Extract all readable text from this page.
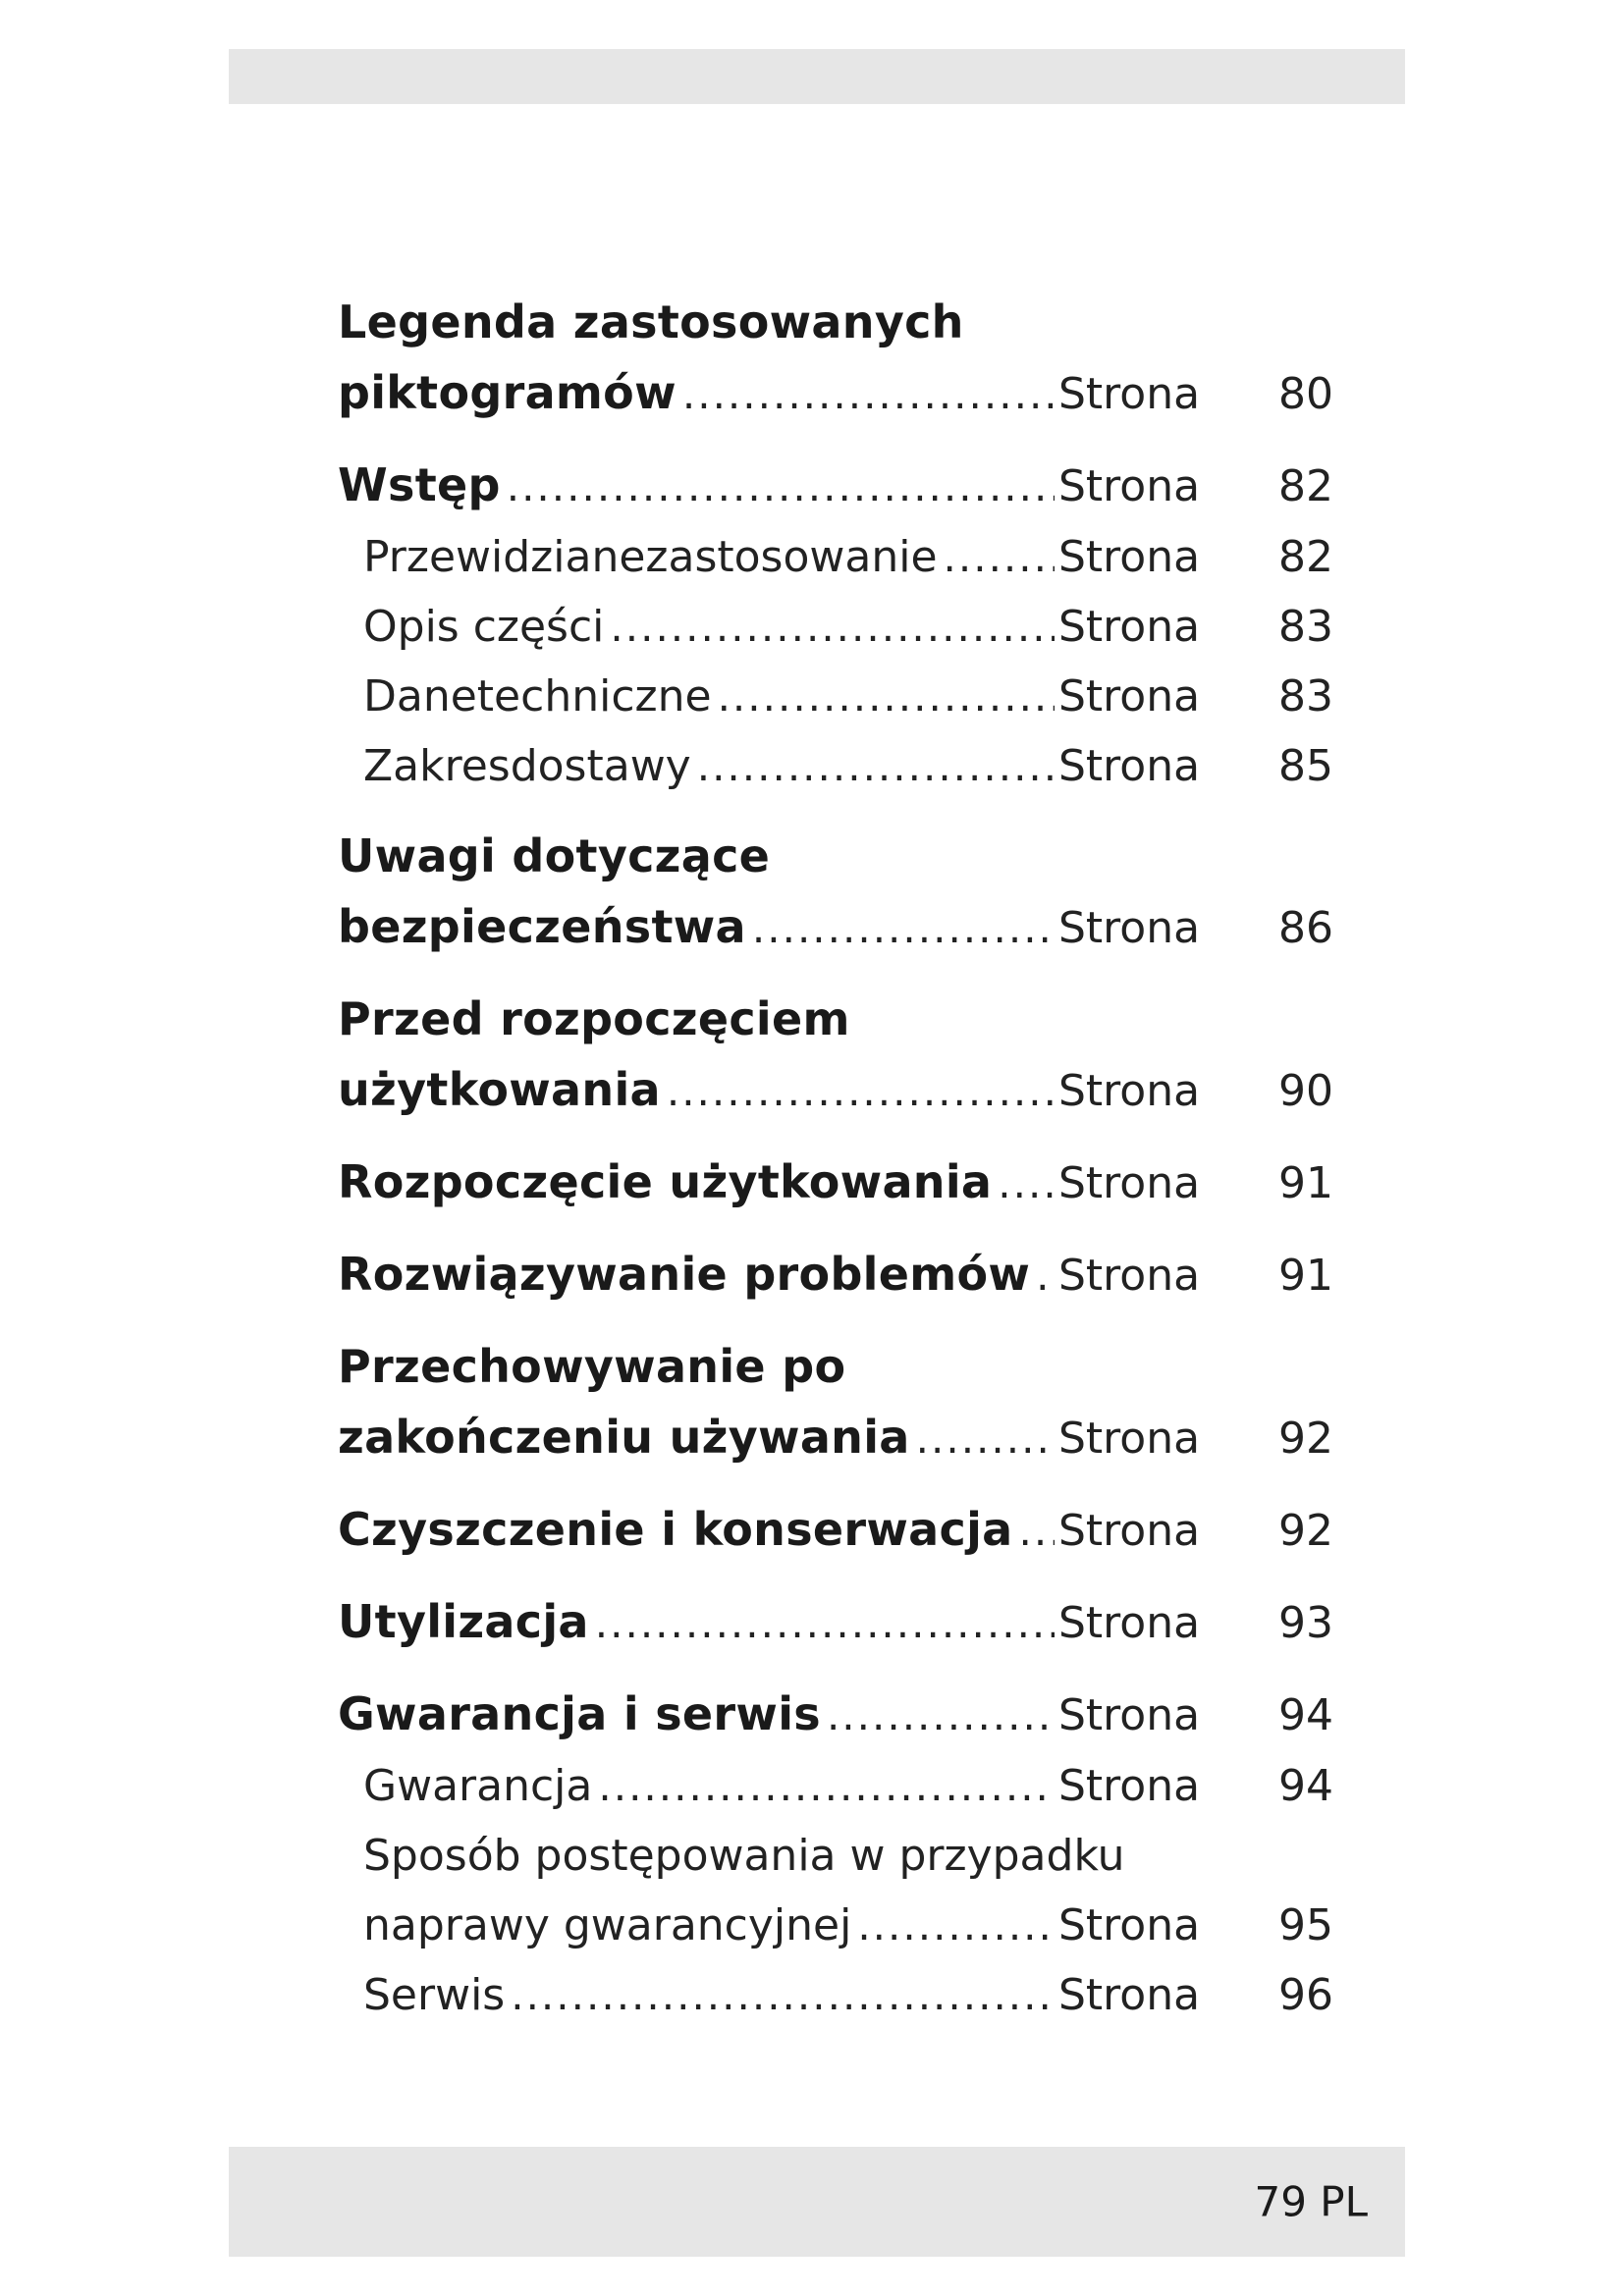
Legenda zastosowanych
piktogramów .....	Strona	80
Wstęp .....	Strona	82
Przewidzianezastosowanie .....	Strona	82
Opis części .....	Strona	83
Danetechniczne .....	Strona	83
Zakresdostawy .....	Strona	85
Uwagi dotyczące
bezpieczeństwa .....	Strona	86
Przed rozpoczęciem
użytkowania .....	Strona	90
Rozpoczęcie użytkowania ..... Strona	91
Rozwiązywanie problemów ..... Strona	91
Przechowywanie po
zakończeniu używania .....	Strona	92
Czyszczenie i konserwacja ..... Strona	92
Utylizacja .....	Strona	93
Gwarancja i serwis .....	Strona	94
Gwarancja .....	Strona	94
Sposób postępowania w przypadku
naprawy gwarancyjnej .....	Strona	95
Serwis .....	Strona	96
79 PL
